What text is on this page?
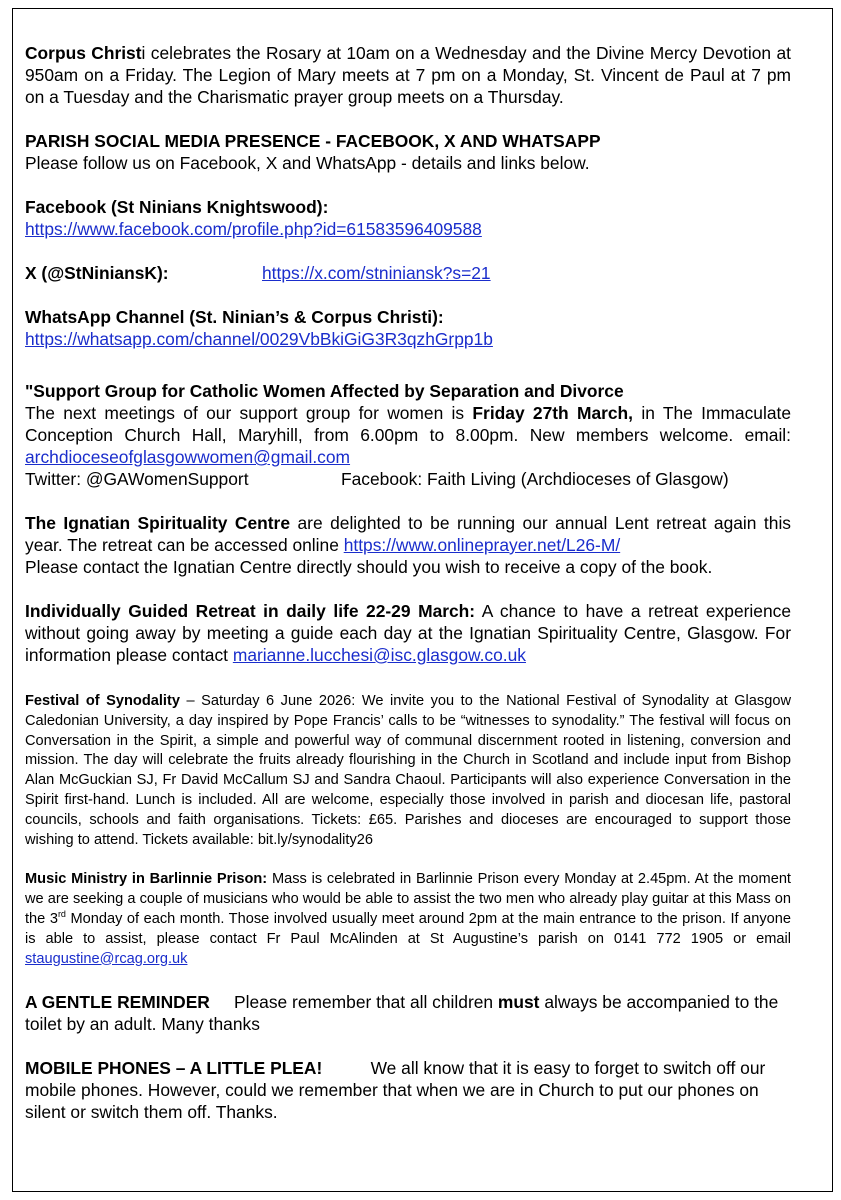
Corpus Christi celebrates the Rosary at 10am on a Wednesday and the Divine Mercy Devotion at 950am on a Friday. The Legion of Mary meets at 7 pm on a Monday, St. Vincent de Paul at 7 pm on a Tuesday and the Charismatic prayer group meets on a Thursday.

PARISH SOCIAL MEDIA PRESENCE - FACEBOOK, X AND WHATSAPP

Please follow us on Facebook, X and WhatsApp - details and links below.

Facebook (St Ninians Knightswood):

https://www.facebook.com/profile.php?id=61583596409588

X (@StNiniansK):	https://x.com/stniniansk?s=21

WhatsApp Channel (St. Ninian’s & Corpus Christi):

https://whatsapp.com/channel/0029VbBkiGiG3R3qzhGrpp1b

"Support Group for Catholic Women Affected by Separation and Divorce

The next meetings of our support group for women is Friday 27th March, in The Immaculate Conception Church Hall, Maryhill, from 6.00pm to 8.00pm. New members welcome. email: archdioceseofglasgowwomen@gmail.com

Twitter: @GAWomenSupport	Facebook: Faith Living (Archdioceses of Glasgow)

The Ignatian Spirituality Centre are delighted to be running our annual Lent retreat again this year. The retreat can be accessed online https://www.onlineprayer.net/L26-M/

Please contact the Ignatian Centre directly should you wish to receive a copy of the book.

Individually Guided Retreat in daily life 22-29 March: A chance to have a retreat experience without going away by meeting a guide each day at the Ignatian Spirituality Centre, Glasgow. For information please contact marianne.lucchesi@isc.glasgow.co.uk

Festival of Synodality – Saturday 6 June 2026: We invite you to the National Festival of Synodality at Glasgow Caledonian University, a day inspired by Pope Francis’ calls to be “witnesses to synodality.” The festival will focus on Conversation in the Spirit, a simple and powerful way of communal discernment rooted in listening, conversion and mission. The day will celebrate the fruits already flourishing in the Church in Scotland and include input from Bishop Alan McGuckian SJ, Fr David McCallum SJ and Sandra Chaoul. Participants will also experience Conversation in the Spirit first-hand. Lunch is included. All are welcome, especially those involved in parish and diocesan life, pastoral councils, schools and faith organisations. Tickets: £65. Parishes and dioceses are encouraged to support those wishing to attend. Tickets available: bit.ly/synodality26

Music Ministry in Barlinnie Prison: Mass is celebrated in Barlinnie Prison every Monday at 2.45pm. At the moment we are seeking a couple of musicians who would be able to assist the two men who already play guitar at this Mass on the 3rd Monday of each month. Those involved usually meet around 2pm at the main entrance to the prison. If anyone is able to assist, please contact Fr Paul McAlinden at St Augustine’s parish on 0141 772 1905 or email staugustine@rcag.org.uk

A GENTLE REMINDER     Please remember that all children must always be accompanied to the toilet by an adult. Many thanks

MOBILE PHONES – A LITTLE PLEA!          We all know that it is easy to forget to switch off our mobile phones. However, could we remember that when we are in Church to put our phones on silent or switch them off. Thanks.
